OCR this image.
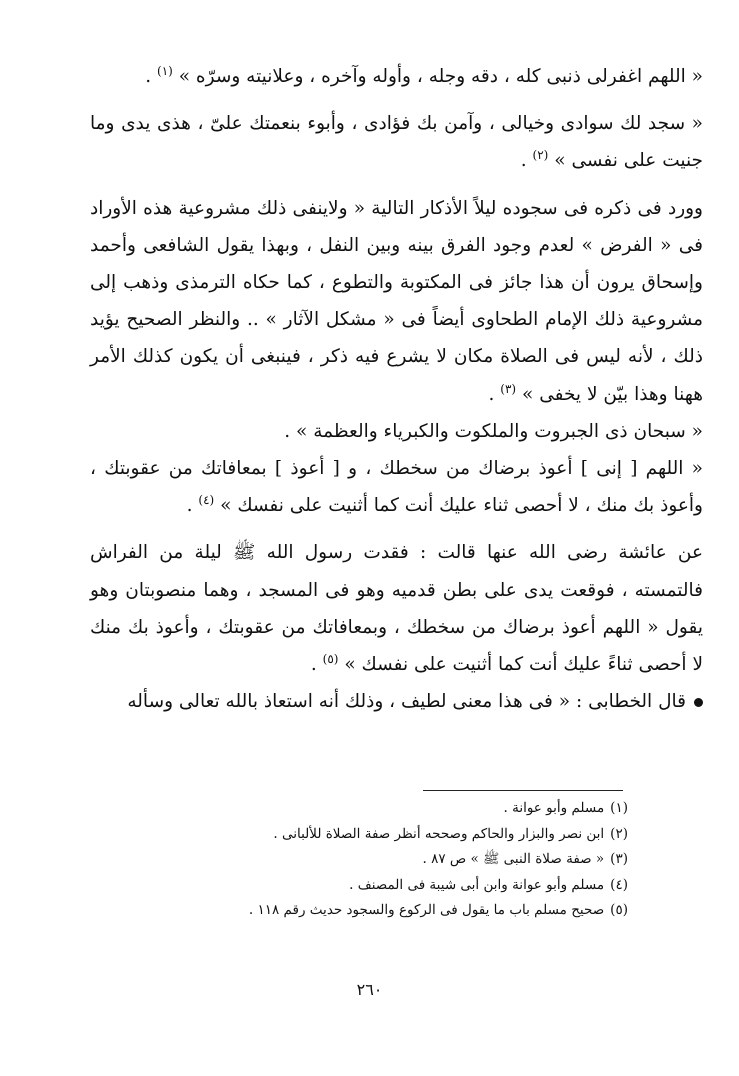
« اللهم اغفرلى ذنبى كله ، دقه وجله ، وأوله وآخره ، وعلانيته وسرّه » $^{(١)}$ .

« سجد لك سوادى وخيالى ، وآمن بك فؤادى ، وأبوء بنعمتك علىّ ، هذى يدى وما جنيت على نفسى » $^{(٢)}$ .

وورد فى ذكره فى سجوده ليلاً الأذكار التالية « ولاينفى ذلك مشروعية هذه الأوراد فى « الفرض » لعدم وجود الفرق بينه وبين النفل ، وبهذا يقول الشافعى وأحمد وإسحاق يرون أن هذا جائز فى المكتوبة والتطوع ، كما حكاه الترمذى وذهب إلى مشروعية ذلك الإمام الطحاوى أيضاً فى « مشكل الآثار » .. والنظر الصحيح يؤيد ذلك ، لأنه ليس فى الصلاة مكان لا يشرع فيه ذكر ، فينبغى أن يكون كذلك الأمر ههنا وهذا بيّن لا يخفى » $^{(٣)}$ .

« سبحان ذى الجبروت والملكوت والكبرياء والعظمة » .

« اللهم [ إنى ] أعوذ برضاك من سخطك ، و [ أعوذ ] بمعافاتك من عقوبتك ، وأعوذ بك منك ، لا أحصى ثناء عليك أنت كما أثنيت على نفسك » $^{(٤)}$ .

عن عائشة رضى الله عنها قالت : فقدت رسول الله ﷺ ليلة من الفراش فالتمسته ، فوقعت يدى على بطن قدميه وهو فى المسجد ، وهما منصوبتان وهو يقول « اللهم أعوذ برضاك من سخطك ، وبمعافاتك من عقوبتك ، وأعوذ بك منك لا أحصى ثناءً عليك أنت كما أثنيت على نفسك » $^{(٥)}$ .

قال الخطابى : « فى هذا معنى لطيف ، وذلك أنه استعاذ بالله تعالى وسأله

(١)مسلم وأبو عوانة .
(٢)ابن نصر والبزار والحاكم وصححه أنظر صفة الصلاة للألبانى .
(٣)« صفة صلاة النبى ﷺ » ص ٨٧ .
(٤)مسلم وأبو عوانة وابن أبى شيبة فى المصنف .
(٥)صحيح مسلم باب ما يقول فى الركوع والسجود حديث رقم ١١٨ .
٢٦٠
